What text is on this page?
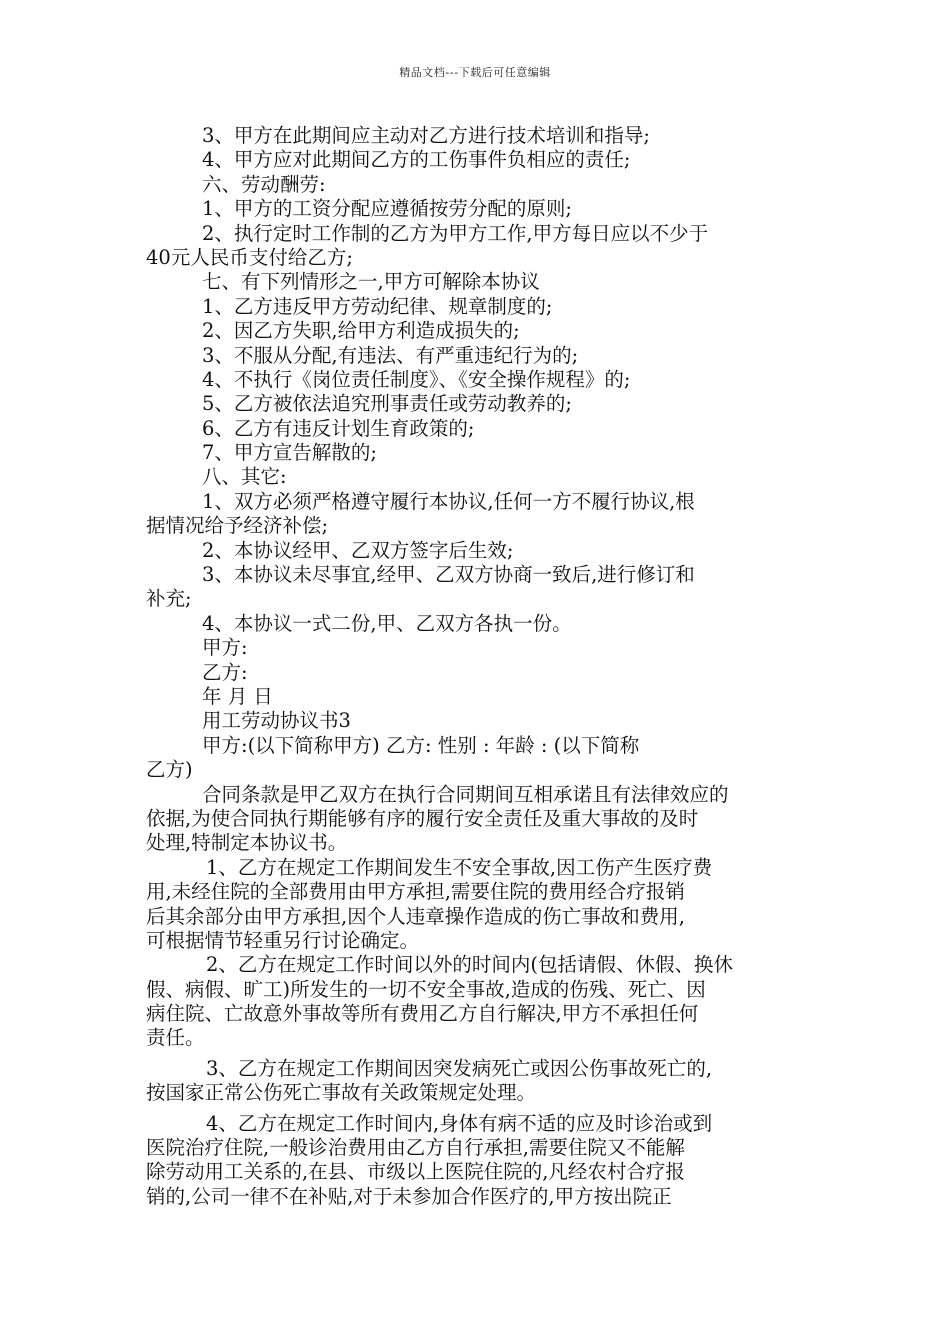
精品文档---下载后可任意编辑

3、甲方在此期间应主动对乙方进行技术培训和指导;

4、甲方应对此期间乙方的工伤事件负相应的责任;

六、劳动酬劳:

1、甲方的工资分配应遵循按劳分配的原则;

2、执行定时工作制的乙方为甲方工作,甲方每日应以不少于

40元人民币支付给乙方;

七、有下列情形之一,甲方可解除本协议

1、乙方违反甲方劳动纪律、规章制度的;

2、因乙方失职,给甲方利造成损失的;

3、不服从分配,有违法、有严重违纪行为的;

4、不执行《岗位责任制度》、《安全操作规程》的;

5、乙方被依法追究刑事责任或劳动教养的;

6、乙方有违反计划生育政策的;

7、甲方宣告解散的;

八、其它:

1、双方必须严格遵守履行本协议,任何一方不履行协议,根

据情况给予经济补偿;

2、本协议经甲、乙双方签字后生效;

3、本协议未尽事宜,经甲、乙双方协商一致后,进行修订和

补充;

4、本协议一式二份,甲、乙双方各执一份。

甲方:

乙方:

年 月 日

用工劳动协议书3

甲方:(以下简称甲方) 乙方: 性别 : 年龄 : (以下简称

乙方)

合同条款是甲乙双方在执行合同期间互相承诺且有法律效应的

依据,为使合同执行期能够有序的履行安全责任及重大事故的及时

处理,特制定本协议书。

1、乙方在规定工作期间发生不安全事故,因工伤产生医疗费

用,未经住院的全部费用由甲方承担,需要住院的费用经合疗报销

后其余部分由甲方承担,因个人违章操作造成的伤亡事故和费用,

可根据情节轻重另行讨论确定。

2、乙方在规定工作时间以外的时间内(包括请假、休假、换休

假、病假、旷工)所发生的一切不安全事故,造成的伤残、死亡、因

病住院、亡故意外事故等所有费用乙方自行解决,甲方不承担任何

责任。

3、乙方在规定工作期间因突发病死亡或因公伤事故死亡的,

按国家正常公伤死亡事故有关政策规定处理。

4、乙方在规定工作时间内,身体有病不适的应及时诊治或到

医院治疗住院,一般诊治费用由乙方自行承担,需要住院又不能解

除劳动用工关系的,在县、市级以上医院住院的,凡经农村合疗报

销的,公司一律不在补贴,对于未参加合作医疗的,甲方按出院正
